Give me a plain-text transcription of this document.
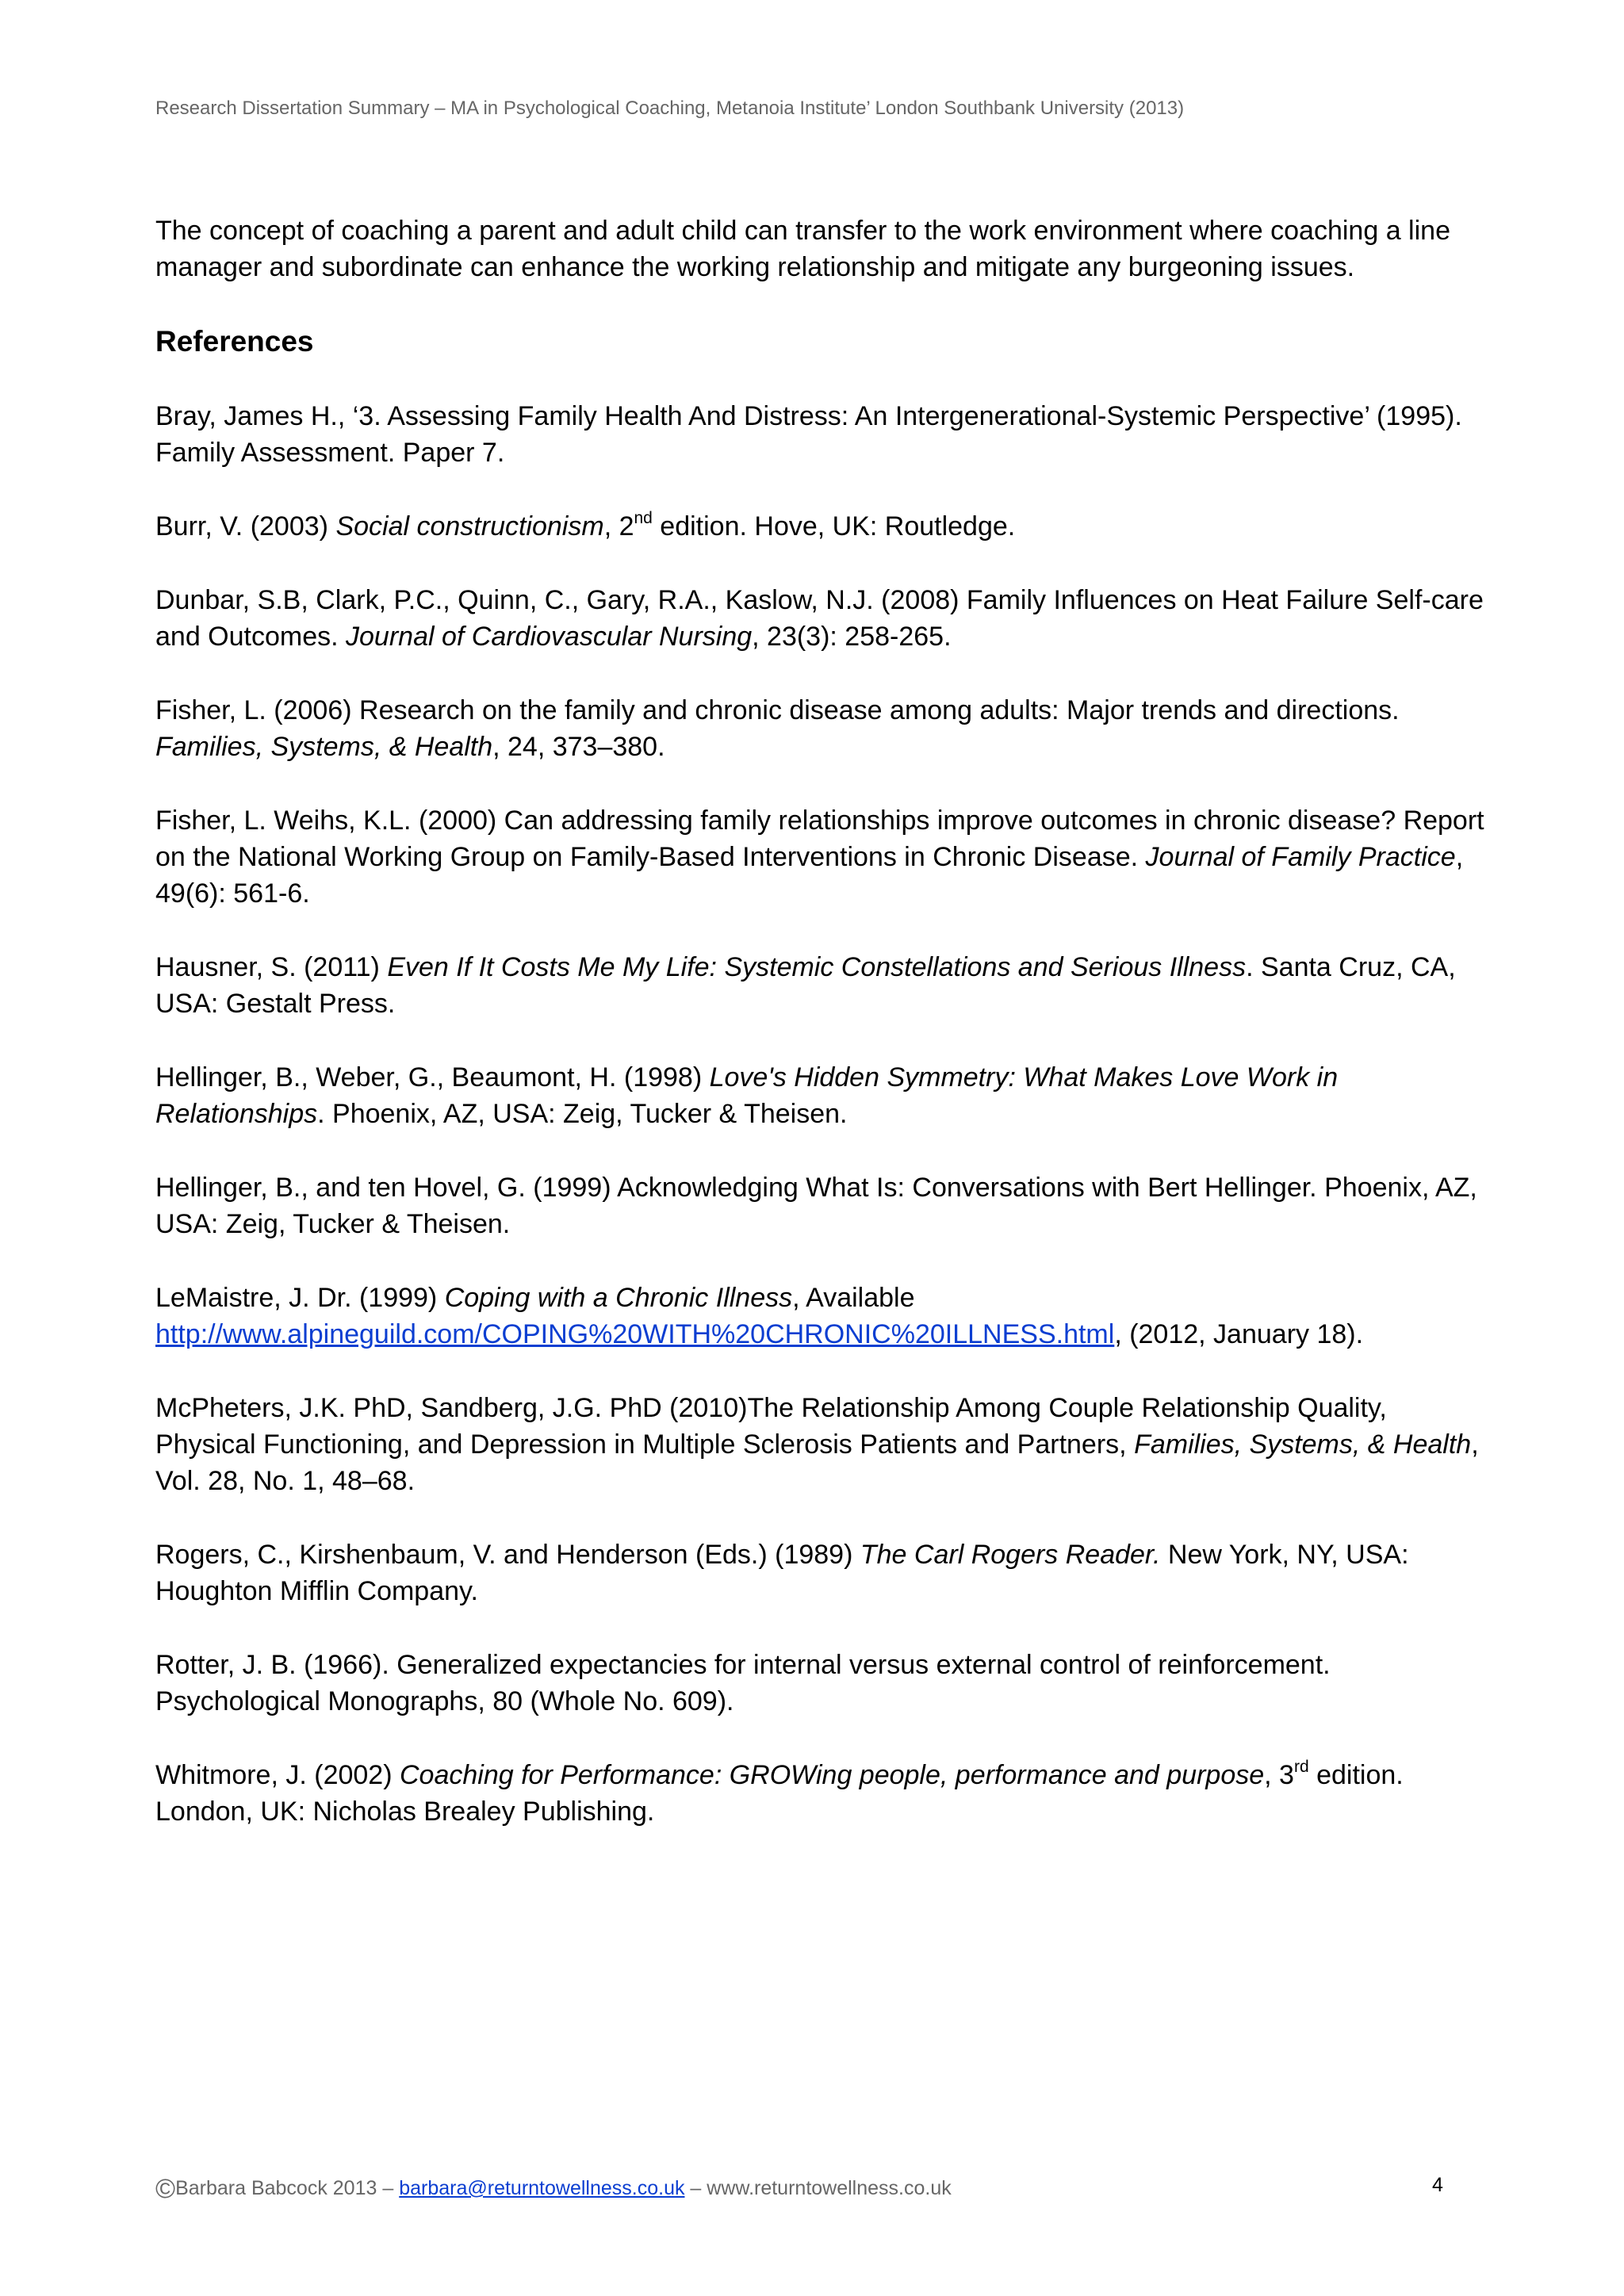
Research Dissertation Summary – MA in Psychological Coaching, Metanoia Institute’ London Southbank University (2013)

The concept of coaching a parent and adult child can transfer to the work environment where coaching a line manager and subordinate can enhance the working relationship and mitigate any burgeoning issues.

References

Bray, James H., ‘3. Assessing Family Health And Distress: An Intergenerational-Systemic Perspective’ (1995). Family Assessment. Paper 7.

Burr, V. (2003) Social constructionism, 2nd edition. Hove, UK: Routledge.

Dunbar, S.B, Clark, P.C., Quinn, C., Gary, R.A., Kaslow, N.J. (2008) Family Influences on Heat Failure Self-care and Outcomes. Journal of Cardiovascular Nursing, 23(3): 258-265.

Fisher, L. (2006) Research on the family and chronic disease among adults: Major trends and directions. Families, Systems, & Health, 24, 373–380.

Fisher, L. Weihs, K.L. (2000) Can addressing family relationships improve outcomes in chronic disease? Report on the National Working Group on Family-Based Interventions in Chronic Disease. Journal of Family Practice, 49(6): 561-6.

Hausner, S. (2011) Even If It Costs Me My Life: Systemic Constellations and Serious Illness. Santa Cruz, CA, USA: Gestalt Press.

Hellinger, B., Weber, G., Beaumont, H. (1998) Love's Hidden Symmetry: What Makes Love Work in Relationships. Phoenix, AZ, USA: Zeig, Tucker & Theisen.

Hellinger, B., and ten Hovel, G. (1999) Acknowledging What Is: Conversations with Bert Hellinger. Phoenix, AZ, USA: Zeig, Tucker & Theisen.

LeMaistre, J. Dr. (1999) Coping with a Chronic Illness, Available
http://www.alpineguild.com/COPING%20WITH%20CHRONIC%20ILLNESS.html, (2012, January 18).

McPheters, J.K. PhD, Sandberg, J.G. PhD (2010)The Relationship Among Couple Relationship Quality, Physical Functioning, and Depression in Multiple Sclerosis Patients and Partners, Families, Systems, & Health, Vol. 28, No. 1, 48–68.

Rogers, C., Kirshenbaum, V. and Henderson (Eds.) (1989) The Carl Rogers Reader. New York, NY, USA: Houghton Mifflin Company.

Rotter, J. B. (1966). Generalized expectancies for internal versus external control of reinforcement. Psychological Monographs, 80 (Whole No. 609).

Whitmore, J. (2002) Coaching for Performance: GROWing people, performance and purpose, 3rd edition. London, UK: Nicholas Brealey Publishing.

©Barbara Babcock 2013 – barbara@returntowellness.co.uk – www.returntowellness.co.uk	4
